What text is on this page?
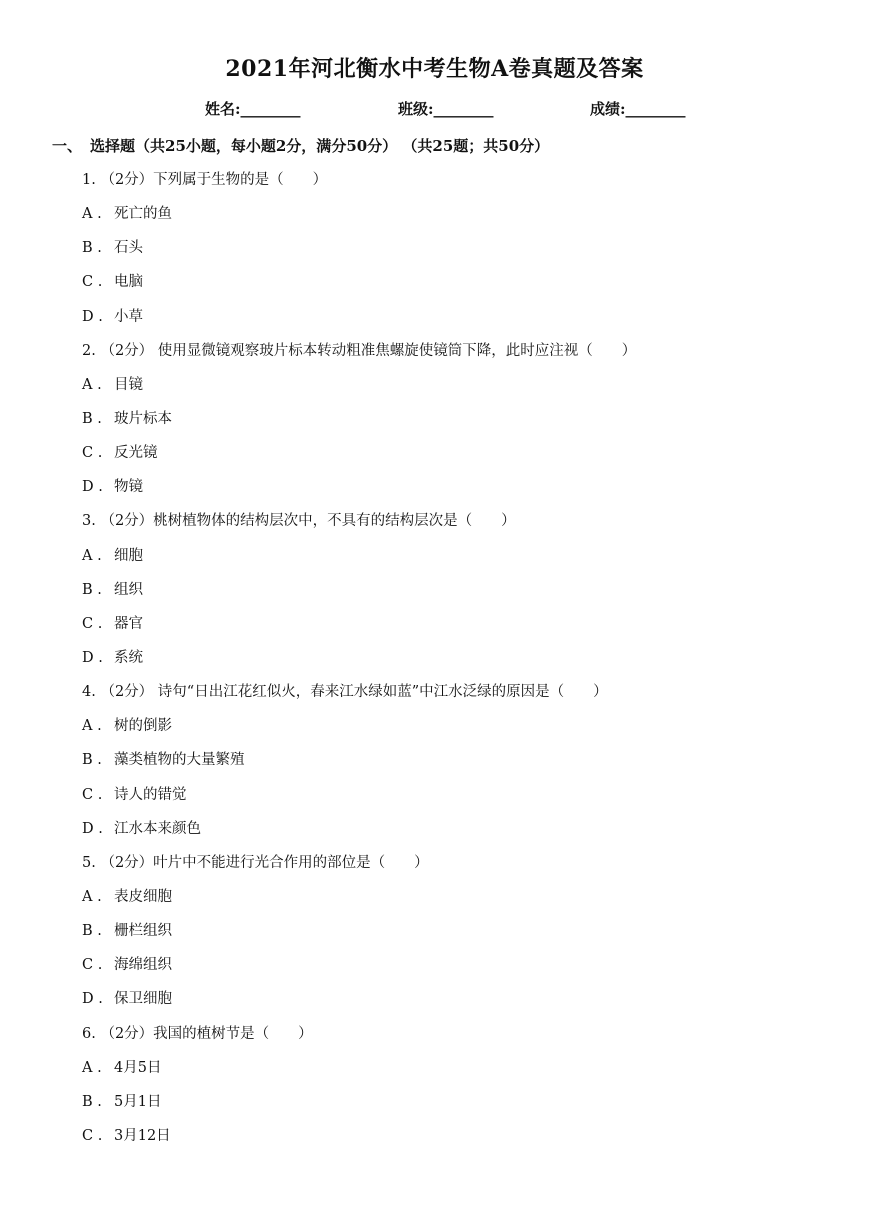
2021年河北衡水中考生物A卷真题及答案
姓名:________	班级:________	成绩:________
一、 选择题（共25小题，每小题2分，满分50分） （共25题；共50分）
1. （2分）下列属于生物的是（　　）
A . 死亡的鱼
B . 石头
C . 电脑
D . 小草
2. （2分） 使用显微镜观察玻片标本转动粗准焦螺旋使镜筒下降，此时应注视（　　）
A . 目镜
B . 玻片标本
C . 反光镜
D . 物镜
3. （2分）桃树植物体的结构层次中，不具有的结构层次是（　　）
A . 细胞
B . 组织
C . 器官
D . 系统
4. （2分） 诗句“日出江花红似火，春来江水绿如蓝”中江水泛绿的原因是（　　）
A . 树的倒影
B . 藻类植物的大量繁殖
C . 诗人的错觉
D . 江水本来颜色
5. （2分）叶片中不能进行光合作用的部位是（　　）
A . 表皮细胞
B . 栅栏组织
C . 海绵组织
D . 保卫细胞
6. （2分）我国的植树节是（　　）
A . 4月5日
B . 5月1日
C . 3月12日
